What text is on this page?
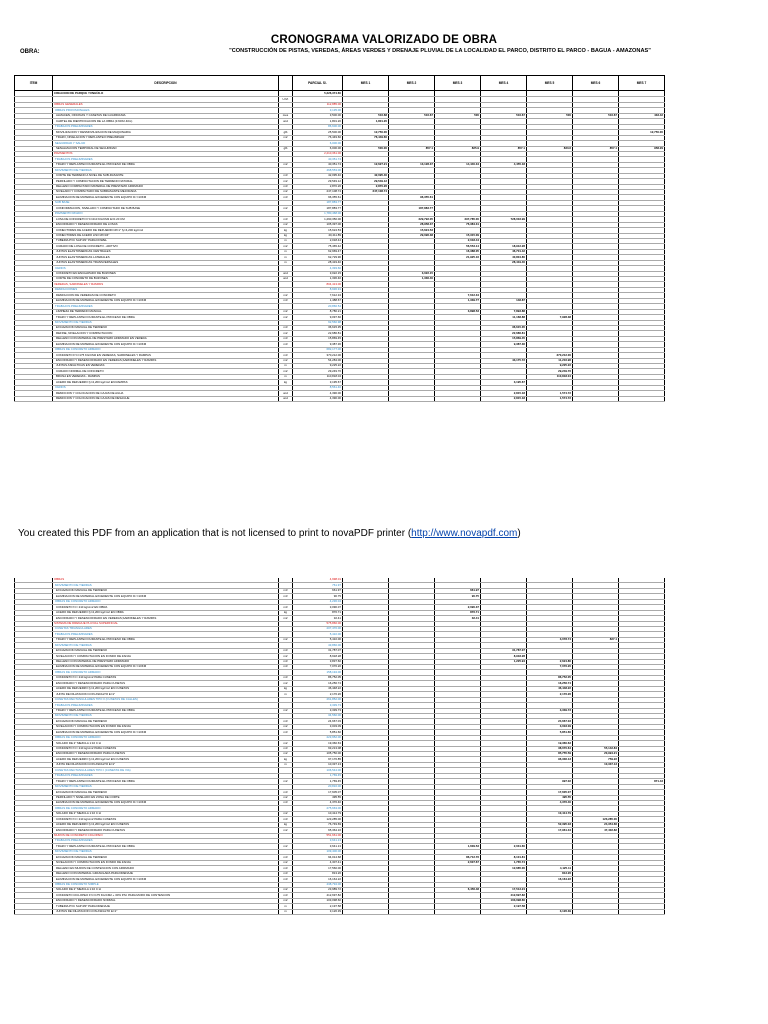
CRONOGRAMA VALORIZADO DE OBRA
OBRA:	"CONSTRUCCIÓN DE PISTAS, VEREDAS, ÁREAS VERDES Y DRENAJE PLUVIAL DE LA LOCALIDAD EL PARCO, DISTRITO EL PARCO - BAGUA - AMAZONAS"
ITEM	DESCRIPCION		PARCIAL S/.	MES 1	MES 2	MES 3	MES 4	MES 5	MES 6	MES 7
	CREACION DE PARQUE YUNGÜILO		5,226,374.60							
		U.M.								
	OBRAS GENERALES		112,885.00							
	OBRAS PROVISIONALES		3,135.00							
	ALMACEN, OFICINAS Y CASETAS DE GUARDIANIA	mes	3,500.00	516.68	516.67	500	516.67	500	516.67	433.42
	CARTEL DE IDENTIFICACION DE LA OBRA (3.60X2.40m)	und	1,801.20	1,801.20						
	TRABAJOS PRELIMINARES		86,600.00							
	MOVILIZACION Y DESMOVILIZACION DE MAQUINARIA	glb	25,500.00	12,750.00						12,750.00
	TRAZO, NIVELACION Y REPLANTEO PRELIMINAR	m2	76,449.60	76,449.60						
	SEGURIDAD Y SALUD		6,000.00							
	SEÑALIZACION TEMPORAL DE SEGURIDAD	glb	6,000.00	500.00	857.1	825.9	857.1	833.6	857.1	958.29
	PAVIMENTOS		2,210,361.00							
	TRABAJOS PRELIMINARES		40,351.74							
	TRAZO Y REPLANTEO DURANTE EL PROCESO DE OBRA	m2	40,351.74	12,627.21	13,128.37	14,440.34	4,455.18			
	MOVIMIENTO DE TIERRAS		468,553.00							
	CORTE DE TERRENO A NIVEL DE SUB-RASANTE	m3	42,095.40	42,095.40						
	PERFILADO Y COMPACTACION DE TERRENO NATURAL	m2	29,549.12	29,549.12						
	RELLENO COMPACTADO MATERIAL DE PRESTAMO AFIRMADO	m3	2,870.26	2,870.26						
	NIVELADO Y COMPACTADO DE SUBRASANTE MEJORADA	m2	247,108.74	247,108.74						
	ELIMINACION DE MATERIAL EXCEDENTE CON EQUIPO D<=10KM	m3	96,355.61		96,355.61					
	SUB BASE		187,883.77							
	CONFORMACION, NIVELADO Y COMPACTADO DE SUB BASE	m2	187,883.77		187,883.77					
	PAVIMENTO RIGIDO		1,780,468.00							
	LOSA DE CONCRETO F'C=210 KG/CM2 E=0.20 CM	m3	1,290,350.00		229,792.05	297,785.00	728,003.99			
	ENCOFRADO Y DESENCOFRADO DE LOSAS	m2	105,397.00		28,958.37	76,384.31				
	CONECTORES DE ACERO DE REFUERZO Ø=1" fy=4,200 kg/cm2	kg	15,624.53		15,624.53					
	CONECTORES DE ACERO LISO Ø=3/4"	kg	40,411.89		29,096.38	15,315.09				
	TUBERIA PVC SAP Ø1" PARA DOWEL	m	2,018.44			2,018.44				
	CURADO DE LOSA DE CONCRETO - ADITIVO	m2	75,465.42			56,553.14	18,912.28			
	JUNTAS ELASTOMERICAS CENTRALES	m	62,969.47			16,388.05	46,701.42			
	JUNTAS ELASTOMERICAS LATERALES	m	62,729.96			21,925.16	40,804.80			
	JUNTAS ELASTOMERICAS TRANSVERSALES	m	28,419.40				28,419.40			
	VARIOS		4,393.60							
	CONCRETO EN ENCHAPADO DE BUZONES	und	3,022.15		3,022.15					
	CORTE DE CONCRETO DE BUZONES	und	1,336.40		1,336.40					
	VEREDAS, SARDINELES Y RAMPAS		804,413.00							
	DEMOLICIONES		8,936.91							
	DEMOLICION DE VEREDAS DE CONCRETO	m2	7,612.34			7,612.34				
	ELIMINACION DE MATERIAL EXCEDENTE CON EQUIPO D<=10KM	m3	1,488.67			1,339.77	148.87			
	TRABAJOS PRELIMINARES		20,866.54							
	LIMPIEZA DE TERRENO MANUAL	m2	8,780.21			3,898.53	7,893.88			
	TRAZO Y REPLANTEO DURANTE EL PROCESO DE OBRA	m2	9,097.66				11,168.88	7,928.38		
	MOVIMIENTO DE TIERRAS		92,560.98							
	EXCAVACION MANUAL DE TERRENO	m3	36,615.35				36,615.35			
	REFINE, NIVELACION Y COMPACTACION	m2	22,686.81				22,686.81			
	RELLENO CON MATERIAL DE PRESTAMO AFIRMADO EN VEREDA	m3	15,869.45				15,869.45			
	ELIMINACION DE MATERIAL EXCEDENTE CON EQUIPO D<=10KM	m3	9,387.36				9,387.36			
	OBRAS DE CONCRETO ARMADO		682,177.00							
	CONCRETO F'C=175 KG/CM2 EN VEREDAS, SARDINELES Y RAMPAS	m3	370,212.00					370,212.00		
	ENCOFRADO Y DESENCOFRADO EN VEREDAS,SARDINELES Y RAMPAS	m2	54,284.00				43,175.72	11,216.96		
	JUNTAS ASFALTICAS EN VEREDAS	m	9,225.22					9,225.22		
	CURADO NORMAL DE CONCRETO	m2	29,249.76					29,249.76		
	BRUÑA EN VEREDAS - RAMPAS	m	110,818.04					110,818.04		
	ACERO DE REFUERZO fy=4,200 kg/cm2 EN RAMPAS	kg	3,195.67				3,195.67			
	VARIOS		8,561.46							
	REMOCION Y COLOCACION DE CAJAS DE AGUA	und	4,390.00				2,815.18	1,574.72		
	REMOCION Y COLOCACION DE CAJAS DE DESAGUE	und	4,390.00				2,815.18	1,574.72		
You created this PDF from an application that is not licensed to print to novaPDF printer (http://www.novapdf.com)
	OBRAS		4,998.01							
	MOVIMIENTO DE TIERRAS		761.97							
	EXCAVACION MANUAL DE TERRENO	m3	661.97			661.97				
	ELIMINACION DE MATERIAL EXCEDENTE CON EQUIPO D<=10KM	m3	90.75			90.75				
	OBRAS DE CONCRETO ARMADO		4,236.04							
	CONCRETO f'c= 210 kg/cm2 EN OBRA	m3	3,090.07			2,090.37				
	ACERO DE REFUERZO fy=4,200 kg/cm2 EN OBRA	kg	876.71			876.71				
	ENCOFRADO Y DESENCOFRADO EN VEREDAS,SARDINELES Y RAMPAS	m2	32.41			32.41				
	SISTEMA DE DRENAJE PLUVIAL SUPERFICIAL		575,866.00							
	CUNETAS TRIANGULARES		207,470.00							
	TRABAJOS PRELIMINARES		5,410.00							
	TRAZO Y REPLANTEO DURANTE EL PROCESO DE OBRA	m2	5,410.00					3,078.74	827.1	
	MOVIMIENTO DE TIERRAS		43,866.00							
	EXCAVACION MANUAL DE TERRENO	m3	31,787.07				31,787.07			
	NIVELACION Y COMPACTACION EN FONDO DE ZANJA	m2	8,918.28				8,918.28			
	RELLENO CON MATERIAL DE PRESTAMO AFIRMADO	m3	3,837.60				1,225.94	2,624.80		
	ELIMINACION DE MATERIAL EXCEDENTE CON EQUIPO D<=10KM	m3	7,076.20					7,076.20		
	OBRAS DE CONCRETO ARMADO		158,194.00							
	CONCRETO f'c= 210 kg/cm2 PARA CUNETAS	m3	86,752.05					86,752.05		
	ENCOFRADO Y DESENCOFRADO PARA CUNETAS	m2	16,256.74					16,256.74		
	ACERO DE REFUERZO fy=4,200 kg/cm2 EN CUNETAS	kg	46,448.22					46,448.22		
	JUNTA DE DILATACION CON ASFALTO E=1"	m	2,176.26					2,176.26		
	CUNETAS RECTANGULARES TIPO II (CUNETAS DE CALLES)		261,852.00							
	TRABAJOS PRELIMINARES		3,339.73							
	TRAZO Y REPLANTEO DURANTE EL PROCESO DE OBRA	m2	3,339.73					3,339.73		
	MOVIMIENTO DE TIERRAS		34,560.00							
	EXCAVACION MANUAL DE TERRENO	m3	24,667.03					24,667.03		
	NIVELACION Y COMPACTACION EN FONDO DE ZANJA	m2	3,003.09					3,003.09		
	ELIMINACION DE MATERIAL EXCEDENTE CON EQUIPO D<=10KM	m3	5,851.60					5,851.60		
	OBRAS DE CONCRETO ARMADO		223,952.00							
	SOLADO DE 2" MEZCLA 1:10 C:H	m2	19,360.63					19,360.63		
	CONCRETO f'c= 210 kg/cm2 PARA CUNETAS	m3	93,213.08					38,070.64	55,142.84	
	ENCOFRADO Y DESENCOFRADO PARA CUNETAS	m2	105,750.00					85,755.59	20,994.21	
	ACERO DE REFUERZO fy=4,200 kg/cm2 EN CUNETAS	kg	97,176.85					96,336.13	759.22	
	JUNTA DE DILATACION CON ASFALTO E=1"	m	10,337.13						10,337.13	
	CUNETAS RECTANGULARES TIPO I (CUNETAS DE VIA)		106,544.00							
	TRABAJOS PRELIMINARES		1,769.45							
	TRAZO Y REPLANTEO DURANTE EL PROCESO DE OBRA	m2	1,769.45					997.02		871.43
	MOVIMIENTO DE TIERRAS		20,816.00							
	EXCAVACION MANUAL DE TERRENO	m3	17,605.07					17,605.07		
	PERFILADO Y NIVELADO EN ZONA DE CORTE	m2	495.55					495.55		
	ELIMINACION DE MATERIAL EXCEDENTE CON EQUIPO D<=10KM	m3	4,376.40					4,376.40		
	OBRAS DE CONCRETO ARMADO		275,663.00							
	SOLADO DE 2" MEZCLA 1:10 C:H	m2	10,414.79					10,414.79		
	CONCRETO f'c= 210 kg/cm2 PARA CUNETAS	m3	123,285.00						123,285.00	
	ACERO DE REFUERZO fy=4,200 kg/cm2 EN CUNETAS	kg	76,749.69					52,395.03	24,354.66	
	ENCOFRADO Y DESENCOFRADO PARA CUNETAS	m2	65,364.16					17,961.34	47,402.82	
	MUROS DE CONCRETO CICLOPEO		551,661.00							
	TRABAJOS PRELIMINARES		3,641.13							
	TRAZO Y REPLANTEO DURANTE EL PROCESO DE OBRA	m2	3,641.13			1,609.53	2,031.60			
	MOVIMIENTO DE TIERRAS		109,400.00							
	EXCAVACION MANUAL DE TERRENO	m3	94,014.68			86,712.76	8,101.81			
	NIVELACION Y COMPACTACION EN FONDO DE ZANJA	m2	4,307.41			2,607.67	1,765.74			
	RELLENO EN MUROS DE CONTENCION CON AFIRMADO	m3	17,560.00				12,685.00	4,125.11		
	RELLENO CON MATERIAL GRANULARA PARA DRENAJE	m3	813.26					813.26		
	ELIMINACION DE MATERIAL EXCEDENTE CON EQUIPO D<=10KM	m3	16,164.22					16,164.22		
	OBRAS DE CONCRETO SIMPLE		438,794.00							
	SOLADO DE 2" MEZCLA 1:10 C:H	m2	23,989.72			6,456.48	17,513.24			
	CONCRETO CICLOPEO F'C=175 KG/CM2 + 30% P.M. PARA MURO DE CONTENCION	m3	412,697.82				412,697.82			
	ENCOFRADO Y DESENCOFRADO NORMAL	m2	103,098.60				103,098.60			
	TUBERIA PVC SAP Ø3" PARA DRENAJE	m	2,197.58				2,197.58			
	JUNTAS DE DILATACION CON ASFALTO E=1"	m	3,126.39					3,126.39		
